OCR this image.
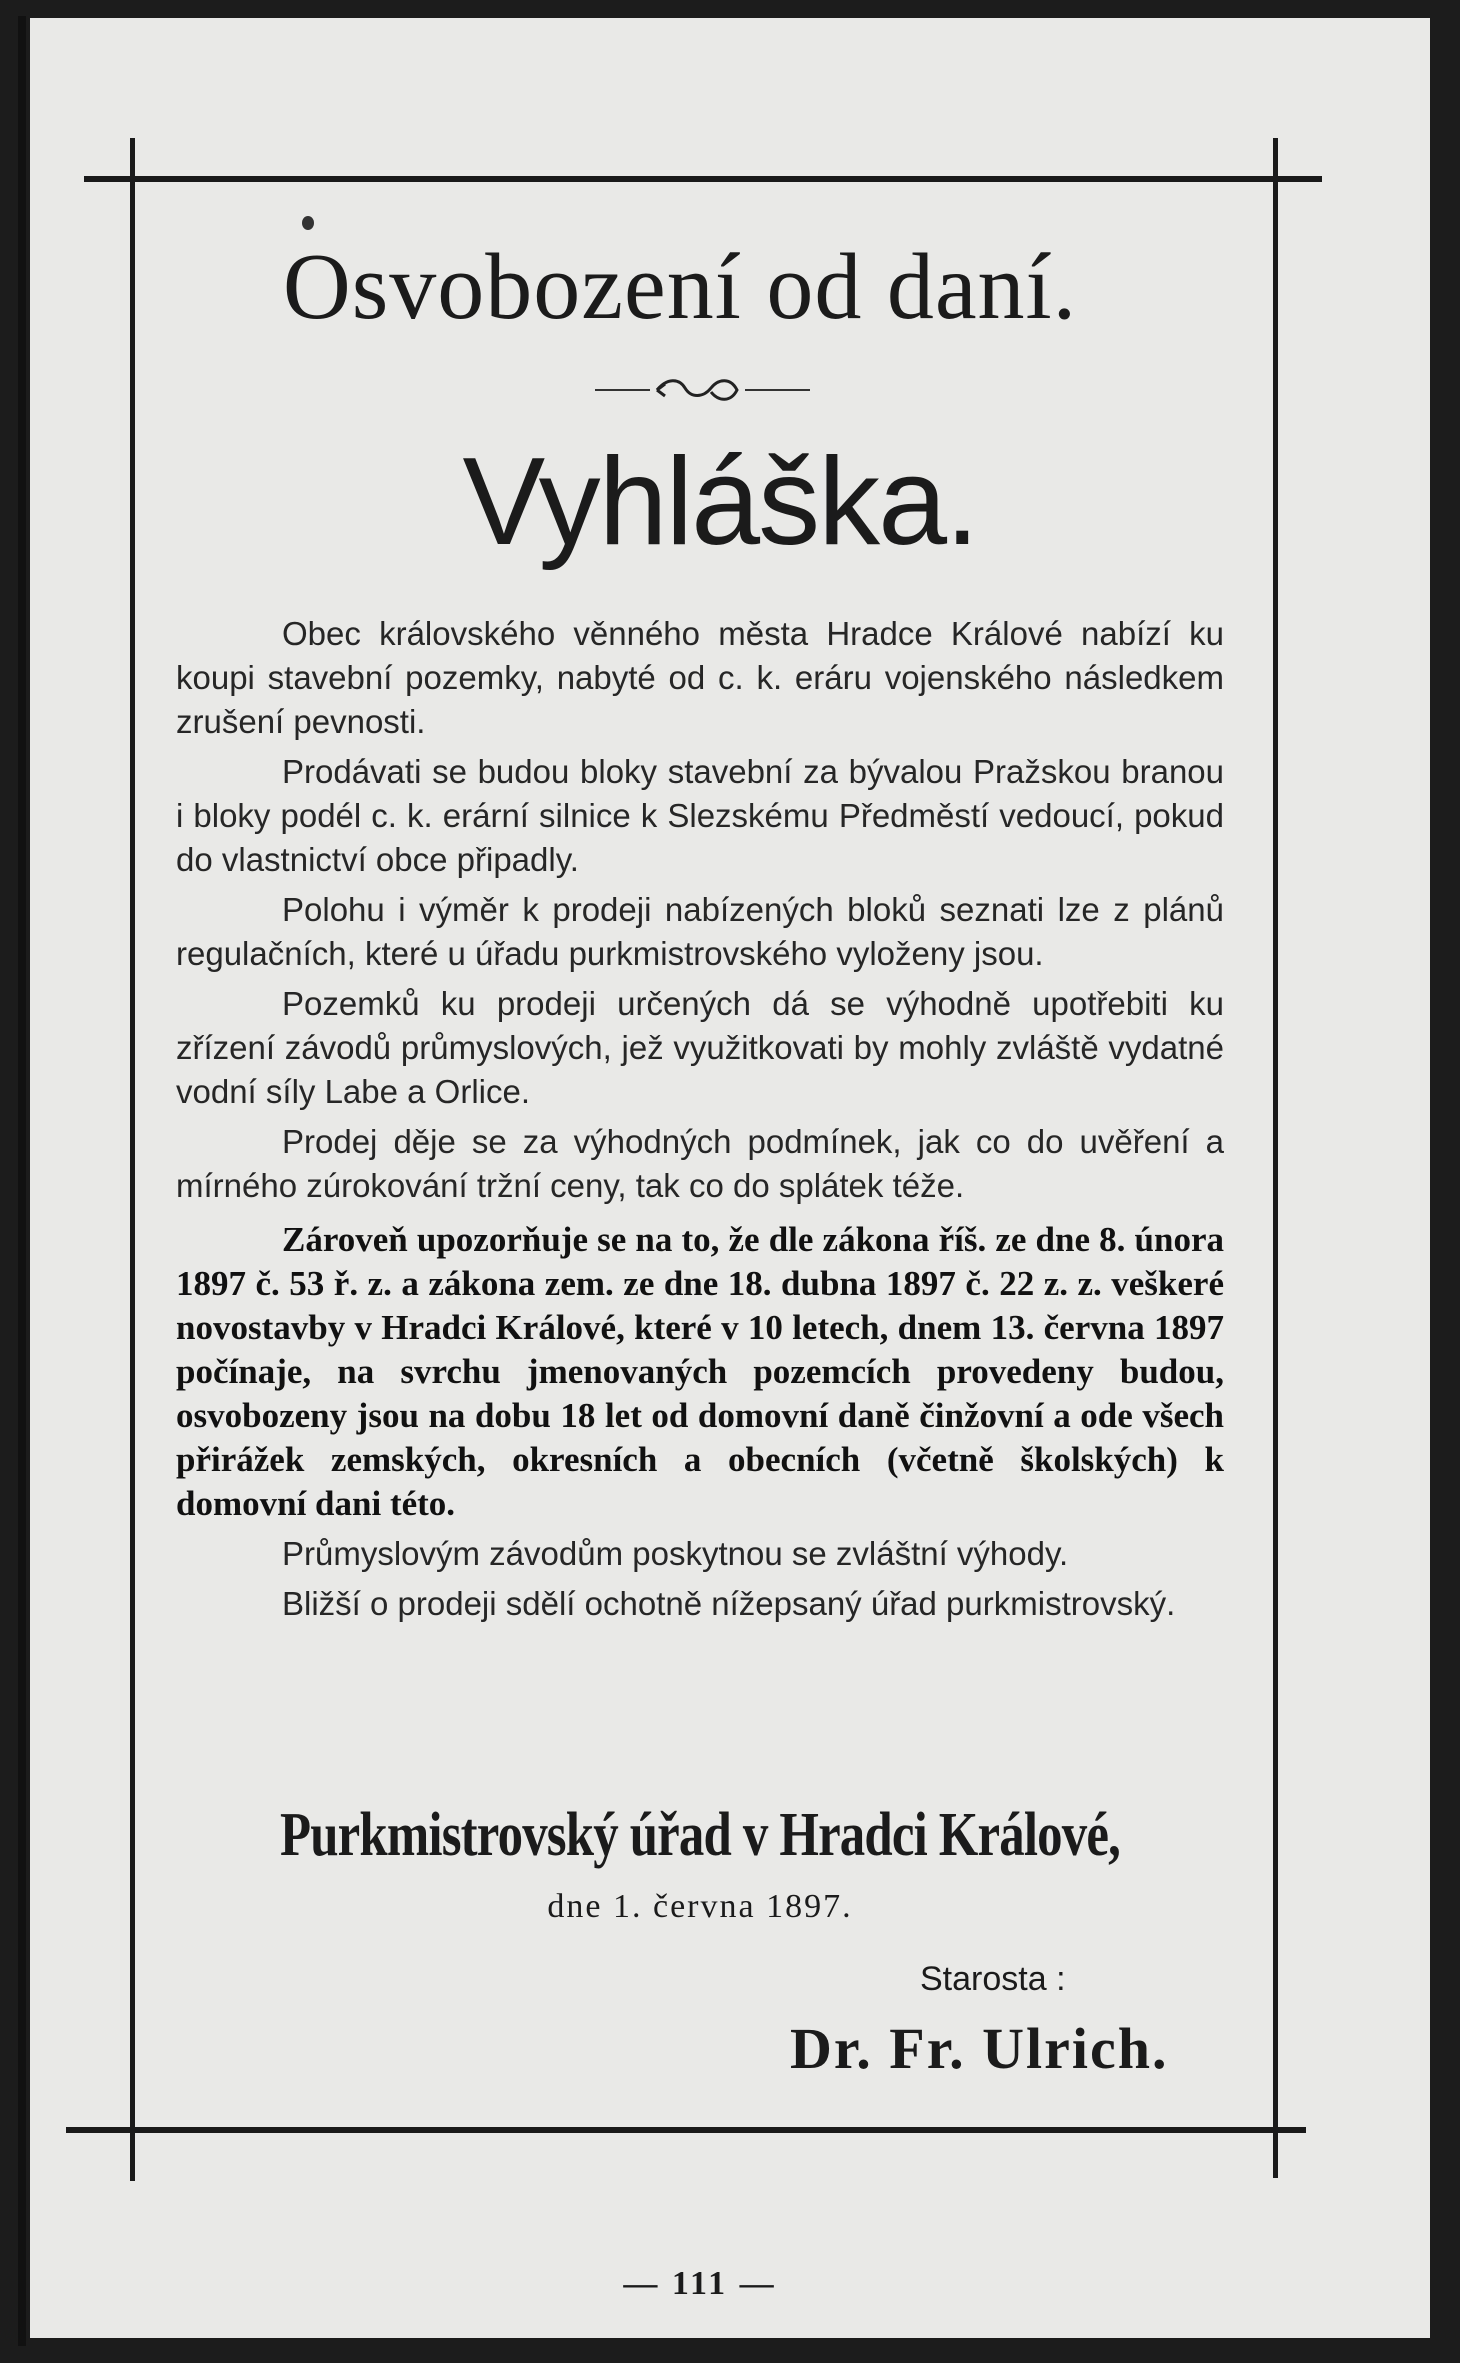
Osvobození od daní.
Vyhláška.

Obec královského věnného města Hradce Králové nabízí ku koupi stavební pozemky, nabyté od c. k. eráru vojenského následkem zrušení pevnosti.

Prodávati se budou bloky stavební za bývalou Pražskou branou i bloky podél c. k. erární silnice k Slezskému Předměstí vedoucí, pokud do vlastnictví obce připadly.

Polohu i výměr k prodeji nabízených bloků seznati lze z plánů regulačních, které u úřadu purkmistrovského vyloženy jsou.

Pozemků ku prodeji určených dá se výhodně upotřebiti ku zřízení závodů průmyslových, jež využitkovati by mohly zvláště vydatné vodní síly Labe a Orlice.

Prodej děje se za výhodných podmínek, jak co do uvěření a mírného zúrokování tržní ceny, tak co do splátek téže.

Zároveň upozorňuje se na to, že dle zákona říš. ze dne 8. února 1897 č. 53 ř. z. a zákona zem. ze dne 18. dubna 1897 č. 22 z. z. veškeré novostavby v Hradci Králové, které v 10 letech, dnem 13. června 1897 počínaje, na svrchu jmenovaných pozemcích provedeny budou, osvobozeny jsou na dobu 18 let od domovní daně činžovní a ode všech přirážek zemských, okresních a obecních (včetně školských) k domovní dani této.

Průmyslovým závodům poskytnou se zvláštní výhody.

Bližší o prodeji sdělí ochotně nížepsaný úřad purkmistrovský.

Purkmistrovský úřad v Hradci Králové,
dne 1. června 1897.
Starosta :
Dr. Fr. Ulrich.
— 111 —
